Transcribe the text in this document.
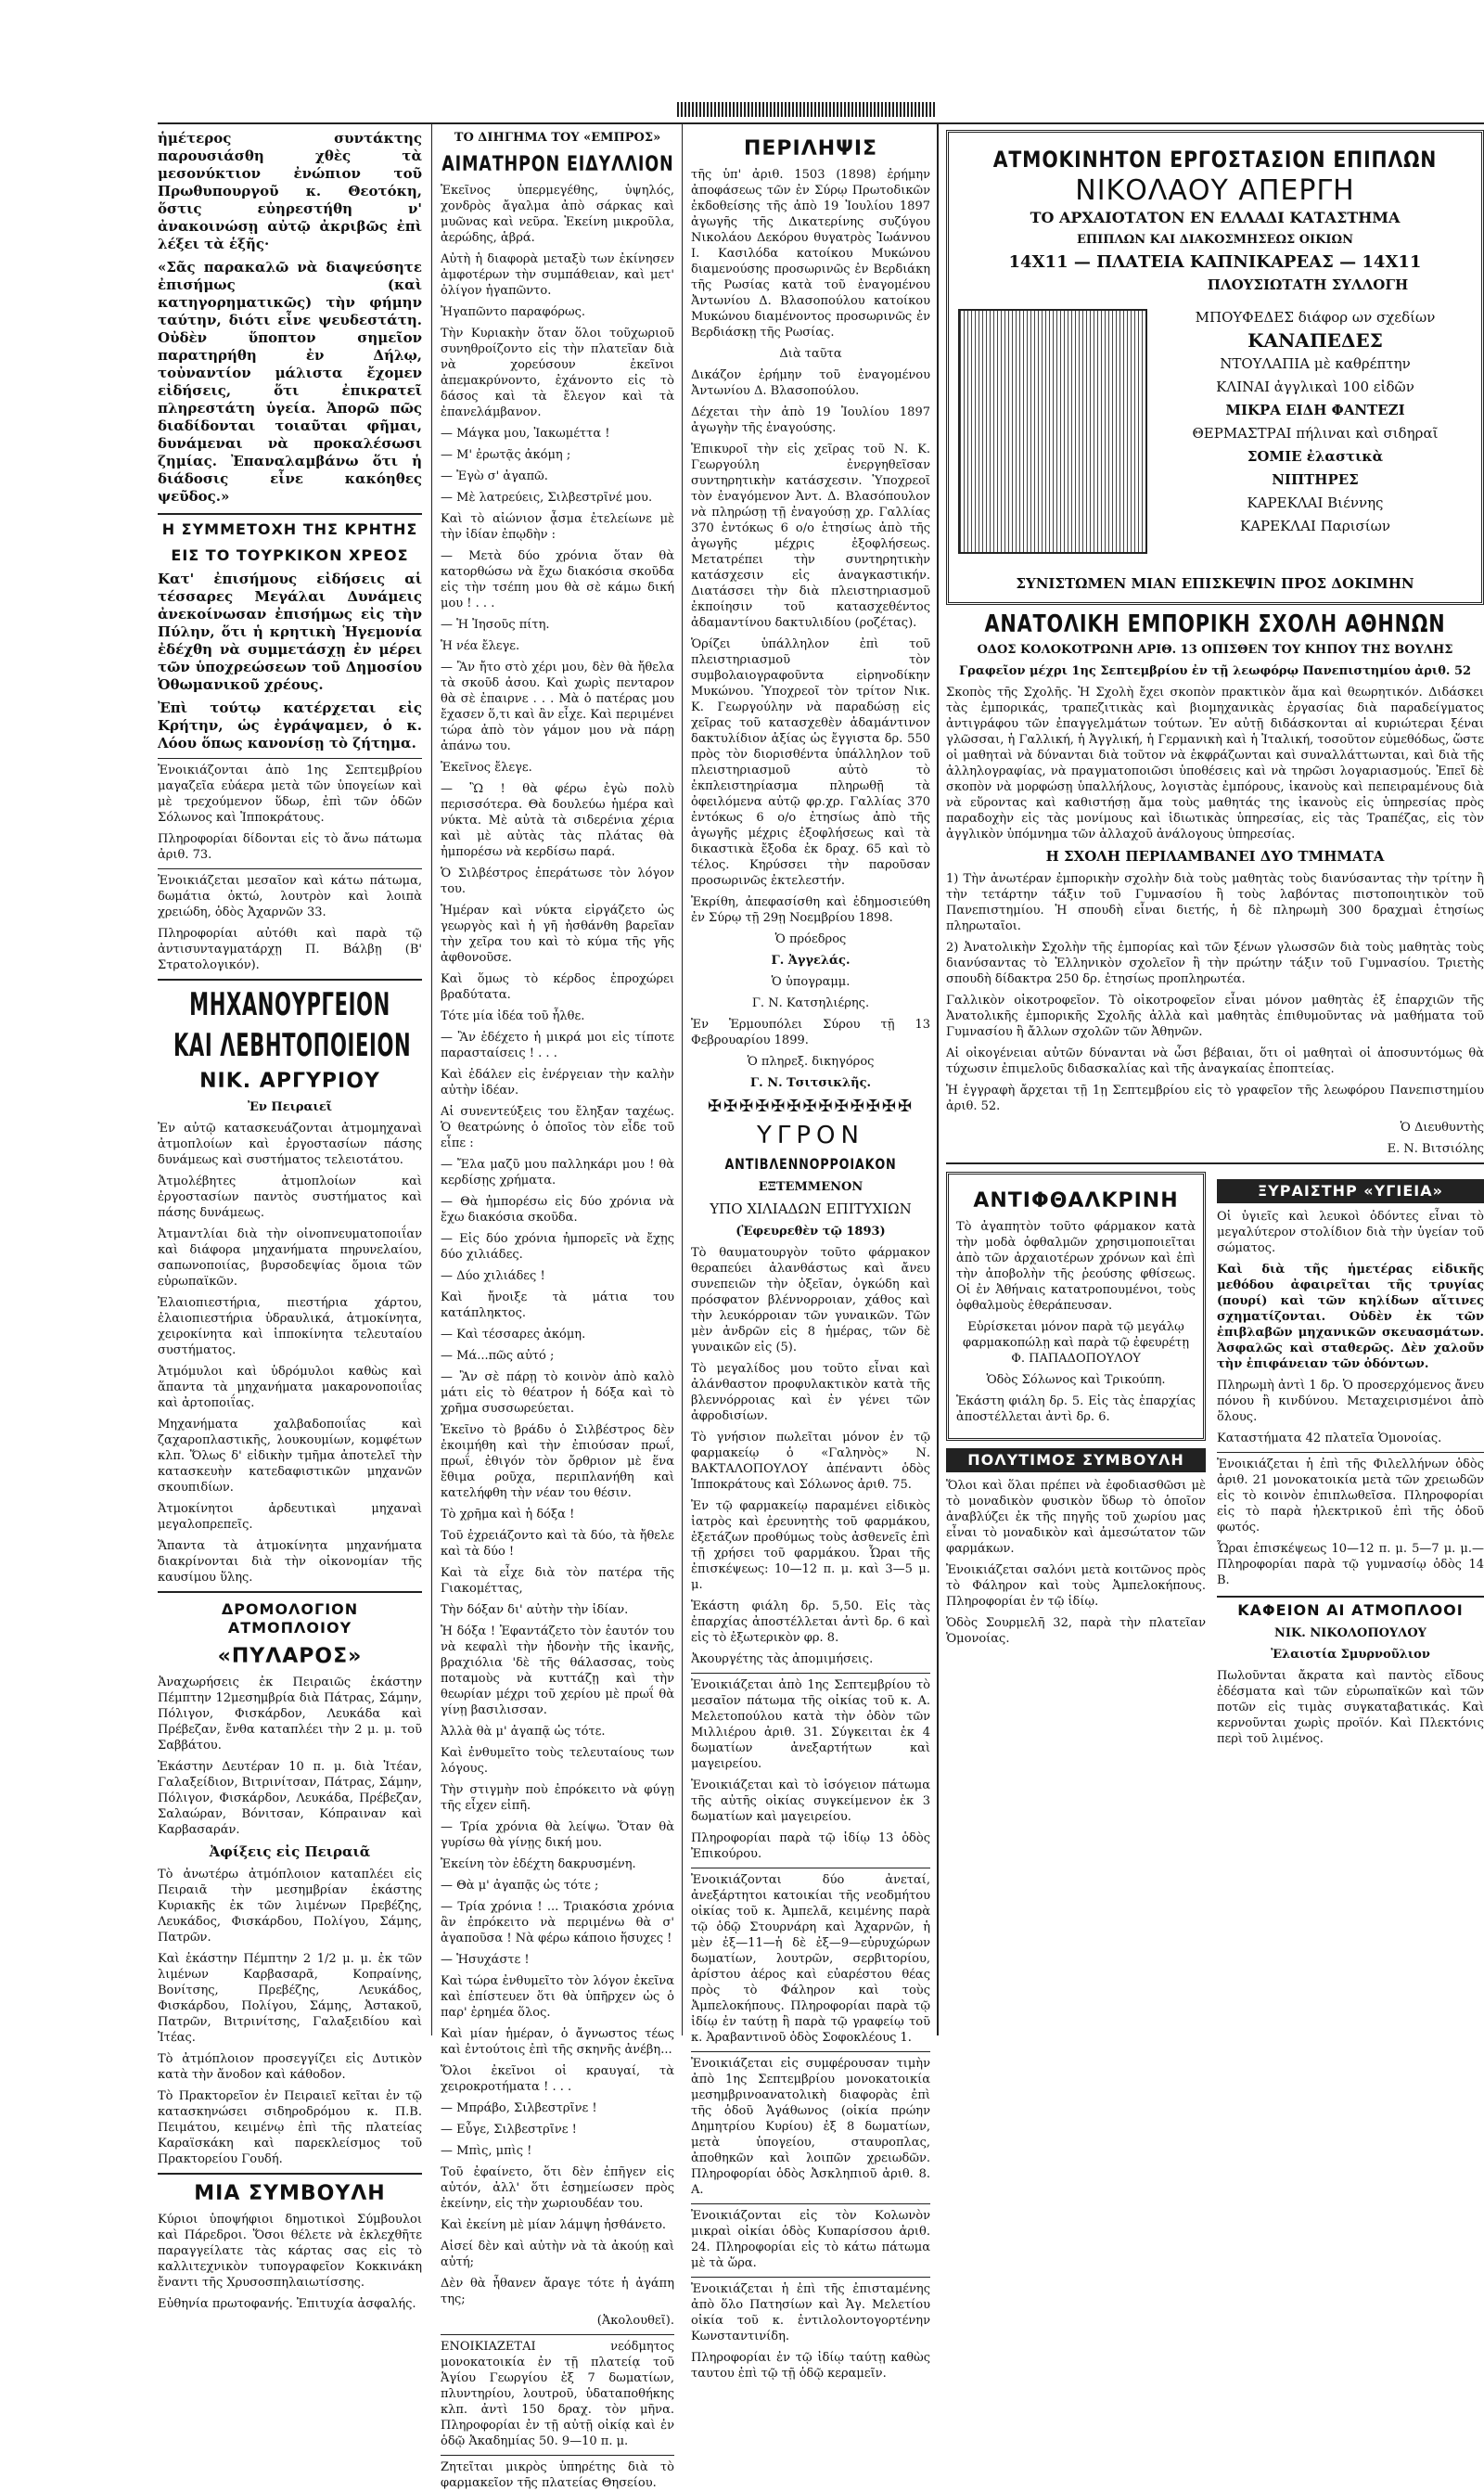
ἡμέτερος συντάκτης παρουσιάσθη χθὲς τὰ μεσονύκτιον ἐνώπιον τοῦ Πρωθυπουργοῦ κ. Θεοτόκη, ὅστις εὐηρεστήθη ν' ἀνακοινώσῃ αὐτῷ ἀκριβῶς ἐπὶ λέξει τὰ ἑξῆς·

«Σᾶς παρακαλῶ νὰ διαψεύσητε ἐπισήμως (καὶ κατηγορηματικῶς) τὴν φήμην ταύτην, διότι εἶνε ψευδεστάτη. Οὐδὲν ὕποπτον σημεῖον παρατηρήθη ἐν Δήλῳ, τοὐναντίον μάλιστα ἔχομεν εἰδήσεις, ὅτι ἐπικρατεῖ πληρεστάτη ὑγεία. Ἀπορῶ πῶς διαδίδονται τοιαῦται φῆμαι, δυνάμεναι νὰ προκαλέσωσι ζημίας. Ἐπαναλαμβάνω ὅτι ἡ διάδοσις εἶνε κακόηθες ψεῦδος.»

Η ΣΥΜΜΕΤΟΧΗ ΤΗΣ ΚΡΗΤΗΣ
ΕΙΣ ΤΟ ΤΟΥΡΚΙΚΟΝ ΧΡΕΟΣ

Κατ' ἐπισήμους εἰδήσεις αἱ τέσσαρες Μεγάλαι Δυνάμεις ἀνεκοίνωσαν ἐπισήμως εἰς τὴν Πύλην, ὅτι ἡ κρητικὴ Ἡγεμονία ἐδέχθη νὰ συμμετάσχῃ ἐν μέρει τῶν ὑποχρεώσεων τοῦ Δημοσίου Ὀθωμανικοῦ χρέους.

Ἐπὶ τούτῳ κατέρχεται εἰς Κρήτην, ὡς ἐγράψαμεν, ὁ κ. Λόου ὅπως κανονίσῃ τὸ ζήτημα.

Ἐνοικιάζονται ἀπὸ 1ης Σεπτεμβρίου μαγαζεῖα εὐάερα μετὰ τῶν ὑπογείων καὶ μὲ τρεχούμενον ὕδωρ, ἐπὶ τῶν ὁδῶν Σόλωνος καὶ Ἱπποκράτους.

Πληροφορίαι δίδονται εἰς τὸ ἄνω πάτωμα ἀριθ. 73.

Ἐνοικιάζεται μεσαῖον καὶ κάτω πάτωμα, δωμάτια ὀκτώ, λουτρὸν καὶ λοιπὰ χρειώδη, ὁδὸς Ἀχαρνῶν 33.

Πληροφορίαι αὐτόθι καὶ παρὰ τῷ ἀντισυνταγματάρχῃ Π. Βάλβῃ (Β' Στρατολογικόν).

ΜΗΧΑΝΟΥΡΓΕΙΟΝ
ΚΑΙ ΛΕΒΗΤΟΠΟΙΕΙΟΝ
ΝΙΚ. ΑΡΓΥΡΙΟΥ

Ἐν Πειραιεῖ

Ἐν αὐτῷ κατασκευάζονται ἀτμομηχαναὶ ἀτμοπλοίων καὶ ἐργοστασίων πάσης δυνάμεως καὶ συστήματος τελειοτάτου.

Ἀτμολέβητες ἀτμοπλοίων καὶ ἐργοστασίων παντὸς συστήματος καὶ πάσης δυνάμεως.

Ἀτμαντλίαι διὰ τὴν οἰνοπνευματοποιΐαν καὶ διάφορα μηχανήματα πηρυνελαίου, σαπωνοποιίας, βυρσοδεψίας ὅμοια τῶν εὐρωπαϊκῶν.

Ἐλαιοπιεστήρια, πιεστήρια χάρτου, ἐλαιοπιεστήρια ὑδραυλικά, ἀτμοκίνητα, χειροκίνητα καὶ ἱπποκίνητα τελευταίου συστήματος.

Ἀτμόμυλοι καὶ ὑδρόμυλοι καθὼς καὶ ἅπαντα τὰ μηχανήματα μακαρονοποιΐας καὶ ἀρτοποιΐας.

Μηχανήματα χαλβαδοποιΐας καὶ ζαχαροπλαστικῆς, λουκουμίων, κομφέτων κλπ. Ὅλως δ' εἰδικὴν τμῆμα ἀποτελεῖ τὴν κατασκευὴν κατεδαφιστικῶν μηχανῶν σκουπιδίων.

Ἀτμοκίνητοι ἀρδευτικαὶ μηχαναὶ μεγαλοπρεπεῖς.

Ἅπαντα τὰ ἀτμοκίνητα μηχανήματα διακρίνονται διὰ τὴν οἰκονομίαν τῆς καυσίμου ὕλης.

ΔΡΟΜΟΛΟΓΙΟΝ ΑΤΜΟΠΛΟΙΟΥ
«ΠΥΛΑΡΟΣ»

Ἀναχωρήσεις ἐκ Πειραιῶς ἑκάστην Πέμπτην 12μεσημβρία διὰ Πάτρας, Σάμην, Πόλιγον, Φισκάρδον, Λευκάδα καὶ Πρέβεζαν, ἔνθα καταπλέει τὴν 2 μ. μ. τοῦ Σαββάτου.

Ἑκάστην Δευτέραν 10 π. μ. διὰ Ἰτέαν, Γαλαξείδιον, Βιτρινίτσαν, Πάτρας, Σάμην, Πόλιγον, Φισκάρδον, Λευκάδα, Πρέβεζαν, Σαλαώραν, Βόνιτσαν, Κόπραιναν καὶ Καρβασαράν.

Ἀφίξεις εἰς Πειραιᾶ

Τὸ ἀνωτέρω ἀτμόπλοιον καταπλέει εἰς Πειραιᾶ τὴν μεσημβρίαν ἑκάστης Κυριακῆς ἐκ τῶν λιμένων Πρεβέζης, Λευκάδος, Φισκάρδου, Πολίγου, Σάμης, Πατρῶν.

Καὶ ἑκάστην Πέμπτην 2 1/2 μ. μ. ἐκ τῶν λιμένων Καρβασαρᾶ, Κοπραίνης, Βονίτσης, Πρεβέζης, Λευκάδος, Φισκάρδου, Πολίγου, Σάμης, Ἀστακοῦ, Πατρῶν, Βιτρινίτσης, Γαλαξειδίου καὶ Ἰτέας.

Τὸ ἀτμόπλοιον προσεγγίζει εἰς Δυτικὸν κατὰ τὴν ἄνοδον καὶ κάθοδον.

Τὸ Πρακτορεῖον ἐν Πειραιεῖ κεῖται ἐν τῷ κατασκηνώσει σιδηροδρόμου κ. Π.Β. Πειμάτου, κειμένῳ ἐπὶ τῆς πλατείας Καραϊσκάκη καὶ παρεκλείσμος τοῦ Πρακτορείου Γουδή.

ΜΙΑ ΣΥΜΒΟΥΛΗ

Κύριοι ὑποψήφιοι δημοτικοὶ Σύμβουλοι καὶ Πάρεδροι. Ὅσοι θέλετε νὰ ἐκλεχθῆτε παραγγείλατε τὰς κάρτας σας εἰς τὸ καλλιτεχνικὸν τυπογραφεῖον Κοκκινάκη ἔναντι τῆς Χρυσοσπηλαιωτίσσης.

Εὐθηνία πρωτοφανής. Ἐπιτυχία ἀσφαλής.

ΤΟ ΔΙΗΓΗΜΑ ΤΟΥ «ΕΜΠΡΟΣ»

ΑΙΜΑΤΗΡΟΝ ΕΙΔΥΛΛΙΟΝ

Ἐκεῖνος ὑπερμεγέθης, ὑψηλός, χονδρὸς ἄγαλμα ἀπὸ σάρκας καὶ μυῶνας καὶ νεῦρα. Ἐκείνη μικροῦλα, ἀερώδης, ἁβρά.

Αὐτὴ ἡ διαφορὰ μεταξὺ των ἐκίνησεν ἀμφοτέρων τὴν συμπάθειαν, καὶ μετ' ὀλίγον ἠγαπῶντο.

Ἠγαπῶντο παραφόρως.

Τὴν Κυριακὴν ὅταν ὅλοι τοῦχωριοῦ συνηθροίζοντο εἰς τὴν πλατεῖαν διὰ νὰ χορεύσουν ἐκεῖνοι ἀπεμακρύνοντο, ἐχάνοντο εἰς τὸ δάσος καὶ τὰ ἔλεγον καὶ τὰ ἐπανελάμβανον.

— Μάγκα μου, Ἰακωμέττα !

— Μ' ἐρωτᾷς ἀκόμη ;

— Ἐγὼ σ' ἀγαπῶ.

— Μὲ λατρεύεις, Σιλβεστρῖνέ μου.

Καὶ τὸ αἰώνιον ᾆσμα ἐτελείωνε μὲ τὴν ἰδίαν ἐπῳδὴν :

— Μετὰ δύο χρόνια ὅταν θὰ κατορθώσω νὰ ἔχω διακόσια σκοῦδα εἰς τὴν τσέπη μου θὰ σὲ κάμω δική μου ! . . .

— Ἡ Ἰησοῦς πίτη.

Ἡ νέα ἔλεγε.

— Ἂν ἤτο στὸ χέρι μου, δὲν θὰ ἤθελα τὰ σκοῦδ ἀσου. Καὶ χωρὶς πενταρον θὰ σὲ ἐπαιρνε . . . Μὰ ὁ πατέρας μου ἔχασεν ὅ,τι καὶ ἂν εἶχε. Καὶ περιμένει τώρα ἀπὸ τὸν γάμον μου νὰ πάρῃ ἀπάνω του.

Ἐκεῖνος ἔλεγε.

— Ὢ ! θὰ φέρω ἐγὼ πολὺ περισσότερα. Θὰ δουλεύω ἡμέρα καὶ νύκτα. Μὲ αὐτὰ τὰ σιδερένια χέρια καὶ μὲ αὐτὰς τὰς πλάτας θὰ ἠμπορέσω νὰ κερδίσω παρά.

Ὁ Σιλβέστρος ἐπεράτωσε τὸν λόγον του.

Ἡμέραν καὶ νύκτα εἰργάζετο ὡς γεωργὸς καὶ ἡ γῆ ἠσθάνθη βαρεῖαν τὴν χεῖρα του καὶ τὸ κύμα τῆς γῆς ἀφθονοῦσε.

Καὶ ὅμως τὸ κέρδος ἐπροχώρει βραδύτατα.

Τότε μία ἰδέα τοῦ ἦλθε.

— Ἂν ἐδέχετο ἡ μικρά μοι εἰς τίποτε παρασταίσεις ! . . .

Καὶ ἐδάλεν εἰς ἐνέργειαν τὴν καλὴν αὐτὴν ἰδέαν.

Αἱ συνεντεύξεις του ἔληξαν ταχέως. Ὁ θεατρώνης ὁ ὁποῖος τὸν εἶδε τοῦ εἶπε :

— Ἔλα μαζῦ μου παλληκάρι μου ! θὰ κερδίσῃς χρήματα.

— Θὰ ἠμπορέσω εἰς δύο χρόνια νὰ ἔχω διακόσια σκοῦδα.

— Εἰς δύο χρόνια ἠμπορεῖς νὰ ἔχῃς δύο χιλιάδες.

— Δύο χιλιάδες !

Καὶ ἤνοιξε τὰ μάτια του κατάπληκτος.

— Καὶ τέσσαρες ἀκόμη.

— Μά...πῶς αὐτό ;

— Ἂν σὲ πάρῃ τὸ κοινὸν ἀπὸ καλὸ μάτι εἰς τὸ θέατρον ἡ δόξα καὶ τὸ χρῆμα συσσωρεύεται.

Ἐκεῖνο τὸ βράδυ ὁ Σιλβέστρος δὲν ἐκοιμήθη καὶ τὴν ἐπιούσαν πρωΐ, πρωΐ, ἐθιγόν τὸν ὄρθριον μὲ ἕνα ἔθιμα ροῦχα, περιπλανήθη καὶ κατελήφθη τὴν νέαν του θέσιν.

Τὸ χρῆμα καὶ ἡ δόξα !

Τοῦ ἐχρειάζοντο καὶ τὰ δύο, τὰ ἤθελε καὶ τὰ δύο !

Καὶ τὰ εἶχε διὰ τὸν πατέρα τῆς Γιακομέττας,

Τὴν δόξαν δι' αὐτὴν τὴν ἰδίαν.

Ἡ δόξα ! Ἐφαντάζετο τὸν ἑαυτόν του νὰ κεφαλὶ τὴν ἡδονὴν τῆς ἱκανῆς, βραχιόλια 'δὲ τῆς θάλασσας, τοὺς ποταμοὺς νὰ κυττάζῃ καὶ τὴν θεωρίαν μέχρι τοῦ χερίου μὲ πρωΐ θὰ γίνῃ βασιλισσαν.

Ἀλλὰ θὰ μ' ἀγαπᾷ ὡς τότε.

Καὶ ἐνθυμεῖτο τοὺς τελευταίους των λόγους.

Τὴν στιγμὴν ποὺ ἐπρόκειτο νὰ φύγῃ τῆς εἶχεν εἰπῆ.

— Τρία χρόνια θὰ λείψω. Ὅταν θὰ γυρίσω θὰ γίνῃς δική μου.

Ἐκείνη τὸν ἐδέχτη δακρυσμένη.

— Θὰ μ' ἀγαπᾷς ὡς τότε ;

— Τρία χρόνια ! ... Τριακόσια χρόνια ἂν ἐπρόκειτο νὰ περιμένω θὰ σ' ἀγαποῦσα ! Νὰ φέρω κάποιο ἥσυχες !

— Ἡσυχάστε !

Καὶ τώρα ἐνθυμεῖτο τὸν λόγον ἐκεῖνα καὶ ἐπίστευεν ὅτι θὰ ὑπῆρχεν ὡς ὁ παρ' ἐρημέα ὅλος.

Καὶ μίαν ἡμέραν, ὁ ἄγνωστος τέως καὶ ἐντούτοις ἐπὶ τῆς σκηνῆς ἀνέβη...

Ὅλοι ἐκεῖνοι οἱ κραυγαί, τὰ χειροκροτήματα ! . . .

— Μπράβο, Σιλβεστρῖνε !

— Εὖγε, Σιλβεστρῖνε !

— Μπὶς, μπὶς !

Τοῦ ἐφαίνετο, ὅτι δὲν ἐπῆγεν εἰς αὐτόν, ἀλλ' ὅτι ἐσημείωσεν πρὸς ἐκείνην, εἰς τὴν χωριουδέαν του.

Καὶ ἐκείνη μὲ μίαν λάμψη ἠσθάνετο.

Αἰσεί δὲν καὶ αὐτὴν νὰ τὰ ἀκούῃ καὶ αὐτή;

Δὲν θὰ ἦθανεν ἄραγε τότε ἡ ἀγάπη της;

(Ἀκολουθεῖ).

ΕΝΟΙΚΙΑΖΕΤΑΙ νεόδμητος μονοκατοικία ἐν τῇ πλατείᾳ τοῦ Ἁγίου Γεωργίου ἐξ 7 δωματίων, πλυντηρίου, λουτροῦ, ὑδαταποθήκης κλπ. ἀντὶ 150 δραχ. τὸν μῆνα. Πληροφορίαι ἐν τῇ αὐτῇ οἰκίᾳ καὶ ἐν ὁδῷ Ἀκαδημίας 50. 9—10 π. μ.

Ζητεῖται μικρὸς ὑπηρέτης διὰ τὸ φαρμακεῖον τῆς πλατείας Θησείου.

ΠΕΡΙΛΗΨΙΣ

τῆς ὑπ' ἀριθ. 1503 (1898) ἐρήμην ἀποφάσεως τῶν ἐν Σύρῳ Πρωτοδικῶν ἐκδοθείσης τῆς ἀπὸ 19 Ἰουλίου 1897 ἀγωγῆς τῆς Δικατερίνης συζύγου Νικολάου Δεκόρου θυγατρὸς Ἰωάννου Ι. Κασιλόδα κατοίκου Μυκώνου διαμενούσης προσωρινῶς ἐν Βερδιάκη τῆς Ρωσίας κατὰ τοῦ ἐναγομένου Ἀντωνίου Δ. Βλασοπούλου κατοίκου Μυκώνου διαμένοντος προσωρινῶς ἐν Βερδιάσκῃ τῆς Ρωσίας.

Διὰ ταῦτα

Δικάζον ἐρήμην τοῦ ἐναγομένου Ἀντωνίου Δ. Βλασοπούλου.

Δέχεται τὴν ἀπὸ 19 Ἰουλίου 1897 ἀγωγὴν τῆς ἐναγούσης.

Ἐπικυροῖ τὴν εἰς χεῖρας τοῦ Ν. Κ. Γεωργούλη ἐνεργηθεῖσαν συντηρητικὴν κατάσχεσιν. Ὑποχρεοῖ τὸν ἐναγόμενον Ἀντ. Δ. Βλασόπουλον νὰ πληρώσῃ τῇ ἐναγούσῃ χρ. Γαλλίας 370 ἐντόκως 6 ο/ο ἐτησίως ἀπὸ τῆς ἀγωγῆς μέχρις ἐξοφλήσεως. Μετατρέπει τὴν συντηρητικὴν κατάσχεσιν εἰς ἀναγκαστικήν. Διατάσσει τὴν διὰ πλειστηριασμοῦ ἐκποίησιν τοῦ κατασχεθέντος ἀδαμαντίνου δακτυλιδίου (ροζέτας).

Ὁρίζει ὑπάλληλον ἐπὶ τοῦ πλειστηριασμοῦ τὸν συμβολαιογραφοῦντα εἰρηνοδίκην Μυκώνου. Ὑποχρεοῖ τὸν τρίτον Νικ. Κ. Γεωργούλην νὰ παραδώσῃ εἰς χεῖρας τοῦ κατασχεθὲν ἀδαμάντινον δακτυλίδιον ἀξίας ὡς ἔγγιστα δρ. 550 πρὸς τὸν διορισθέντα ὑπάλληλον τοῦ πλειστηριασμοῦ αὐτὸ τὸ ἐκπλειστηρίασμα πληρωθῇ τὰ ὀφειλόμενα αὐτῷ φρ.χρ. Γαλλίας 370 ἐντόκως 6 ο/ο ἐτησίως ἀπὸ τῆς ἀγωγῆς μέχρις ἐξοφλήσεως καὶ τὰ δικαστικὰ ἔξοδα ἐκ δραχ. 65 καὶ τὸ τέλος. Κηρύσσει τὴν παροῦσαν προσωρινῶς ἐκτελεστήν.

Ἐκρίθη, ἀπεφασίσθη καὶ ἐδημοσιεύθη ἐν Σύρῳ τῇ 29ῃ Νοεμβρίου 1898.

Ὁ πρόεδρος

Γ. Ἀγγελάς.

Ὁ ὑπογραμμ.

Γ. Ν. Κατσηλιέρης.

Ἐν Ἑρμουπόλει Σύρου τῇ 13 Φεβρουαρίου 1899.

Ὁ πληρεξ. δικηγόρος

Γ. Ν. Τσιτσικλῆς.

✠✠✠✠✠✠✠✠✠✠✠✠✠
ΥΓΡΟΝ
ΑΝΤΙΒΛΕΝΝΟΡΡΟΙΑΚΟΝ

ΕΞΤΕΜΜΕΝΟΝ

ΥΠΟ ΧΙΛΙΑΔΩΝ ΕΠΙΤΥΧΙΩΝ

(Ἐφευρεθὲν τῷ 1893)

Τὸ θαυματουργὸν τοῦτο φάρμακον θεραπεύει ἀλανθάστως καὶ ἄνευ συνεπειῶν τὴν ὀξεῖαν, ὀγκώδη καὶ πρόσφατον βλέννορροιαν, χάθος καὶ τὴν λευκόρροιαν τῶν γυναικῶν. Τῶν μὲν ἀνδρῶν εἰς 8 ἡμέρας, τῶν δὲ γυναικῶν εἰς (5).

Τὸ μεγαλίδος μου τοῦτο εἶναι καὶ ἀλάνθαστον προφυλακτικὸν κατὰ τῆς βλεννόρροιας καὶ ἐν γένει τῶν ἀφροδισίων.

Τὸ γνήσιον πωλεῖται μόνον ἐν τῷ φαρμακείῳ ὁ «Γαληνὸς» Ν. ΒΑΚΤΑΛΟΠΟΥΛΟΥ ἀπέναντι ὁδὸς Ἱπποκράτους καὶ Σόλωνος ἀριθ. 75.

Ἐν τῷ φαρμακείῳ παραμένει εἰδικὸς ἰατρὸς καὶ ἐρευνητὴς τοῦ φαρμάκου, ἐξετάζων προθύμως τοὺς ἀσθενεῖς ἐπὶ τῇ χρήσει τοῦ φαρμάκου. Ὧραι τῆς ἐπισκέψεως: 10—12 π. μ. καὶ 3—5 μ. μ.

Ἑκάστη φιάλη δρ. 5,50. Εἰς τὰς ἐπαρχίας ἀποστέλλεται ἀντὶ δρ. 6 καὶ εἰς τὸ ἐξωτερικὸν φρ. 8.

Ἀκουργέτης τὰς ἀπομιμήσεις.

Ἐνοικιάζεται ἀπὸ 1ης Σεπτεμβρίου τὸ μεσαῖον πάτωμα τῆς οἰκίας τοῦ κ. Α. Μελετοπούλου κατὰ τὴν ὁδὸν τῶν Μιλλιέρου ἀριθ. 31. Σύγκειται ἐκ 4 δωματίων ἀνεξαρτήτων καὶ μαγειρείου.

Ἐνοικιάζεται καὶ τὸ ἰσόγειον πάτωμα τῆς αὐτῆς οἰκίας συγκείμενον ἐκ 3 δωματίων καὶ μαγειρείου.

Πληροφορίαι παρὰ τῷ ἰδίῳ 13 ὁδὸς Ἐπικούρου.

Ἐνοικιάζονται δύο ἀνεταί, ἀνεξάρτητοι κατοικίαι τῆς νεοδμήτου οἰκίας τοῦ κ. Ἀμπελᾶ, κειμένης παρὰ τῷ ὁδῷ Στουρνάρη καὶ Ἀχαρνῶν, ἡ μὲν ἐξ—11—ἡ δὲ ἐξ—9—εὐρυχώρων δωματίων, λουτρῶν, σερβιτορίου, ἀρίστου ἀέρος καὶ εὐαρέστου θέας πρὸς τὸ Φάληρον καὶ τοὺς Ἀμπελοκήπους. Πληροφορίαι παρὰ τῷ ἰδίῳ ἐν ταύτῃ ἢ παρὰ τῷ γραφείῳ τοῦ κ. Ἀραβαντινοῦ ὁδὸς Σοφοκλέους 1.

Ἐνοικιάζεται εἰς συμφέρουσαν τιμὴν ἀπὸ 1ης Σεπτεμβρίου μονοκατοικία μεσημβρινοανατολικὴ διαφορὰς ἐπὶ τῆς ὁδοῦ Ἀγάθωνος (οἰκία πρώην Δημητρίου Κυρίου) ἐξ 8 δωματίων, μετὰ ὑπογείου, σταυροπλας, ἀποθηκῶν καὶ λοιπῶν χρειωδῶν. Πληροφορίαι ὁδὸς Ἀσκληπιοῦ ἀριθ. 8. Α.

Ἐνοικιάζονται εἰς τὸν Κολωνὸν μικραὶ οἰκίαι ὁδὸς Κυπαρίσσου ἀριθ. 24. Πληροφορίαι εἰς τὸ κάτω πάτωμα μὲ τὰ ὥρα.

Ἐνοικιάζεται ἡ ἐπὶ τῆς ἐπισταμένης ἀπὸ ὅλο Πατησίων καὶ Ἁγ. Μελετίου οἰκία τοῦ κ. ἐντιλολοντογορτένην Κωνσταντινίδη.

Πληροφορίαι ἐν τῷ ἰδίῳ ταύτῃ καθὼς ταυτου ἐπὶ τῷ τῇ ὁδῷ κεραμεῖν.

ΑΤΜΟΚΙΝΗΤΟΝ ΕΡΓΟΣΤΑΣΙΟΝ ΕΠΙΠΛΩΝ
ΝΙΚΟΛΑΟΥ ΑΠΕΡΓΗ

ΤΟ ΑΡΧΑΙΟΤΑΤΟΝ ΕΝ ΕΛΛΑΔΙ ΚΑΤΑΣΤΗΜΑ

ΕΠΙΠΛΩΝ ΚΑΙ ΔΙΑΚΟΣΜΗΣΕΩΣ ΟΙΚΙΩΝ

14Χ11 — ΠΛΑΤΕΙΑ ΚΑΠΝΙΚΑΡΕΑΣ — 14Χ11

ΠΛΟΥΣΙΩΤΑΤΗ ΣΥΛΛΟΓΗ

ΜΠΟΥΦΕΔΕΣ διάφορ ων σχεδίων

ΚΑΝΑΠΕΔΕΣ

ΝΤΟΥΛΑΠΙΑ μὲ καθρέπτην

ΚΛΙΝΑΙ ἀγγλικαὶ 100 εἰδῶν

ΜΙΚΡΑ ΕΙΔΗ ΦΑΝΤΕΖΙ

ΘΕΡΜΑΣΤΡΑΙ πήλιναι καὶ σιδηραῖ

ΣΟΜΙΕ ἐλαστικὰ

ΝΙΠΤΗΡΕΣ

ΚΑΡΕΚΛΑΙ Βιέννης

ΚΑΡΕΚΛΑΙ Παρισίων

ΣΥΝΙΣΤΩΜΕΝ ΜΙΑΝ ΕΠΙΣΚΕΨΙΝ ΠΡΟΣ ΔΟΚΙΜΗΝ

ΑΝΑΤΟΛΙΚΗ ΕΜΠΟΡΙΚΗ ΣΧΟΛΗ ΑΘΗΝΩΝ

ΟΔΟΣ ΚΟΛΟΚΟΤΡΩΝΗ ΑΡΙΘ. 13 ΟΠΙΣΘΕΝ ΤΟΥ ΚΗΠΟΥ ΤΗΣ ΒΟΥΛΗΣ

Γραφεῖον μέχρι 1ης Σεπτεμβρίου ἐν τῇ λεωφόρῳ Πανεπιστημίου ἀριθ. 52

Σκοπὸς τῆς Σχολῆς. Ἡ Σχολὴ ἔχει σκοπὸν πρακτικὸν ἅμα καὶ θεωρητικόν. Διδάσκει τὰς ἐμπορικάς, τραπεζιτικὰς καὶ βιομηχανικὰς ἐργασίας διὰ παραδείγματος ἀντιγράφου τῶν ἐπαγγελμάτων τούτων. Ἐν αὐτῇ διδάσκονται αἱ κυριώτεραι ξέναι γλῶσσαι, ἡ Γαλλική, ἡ Ἀγγλική, ἡ Γερμανικὴ καὶ ἡ Ἰταλική, τοσοῦτον εὐμεθόδως, ὥστε οἱ μαθηταὶ νὰ δύνανται διὰ τοῦτον νὰ ἐκφράζωνται καὶ συναλλάττωνται, καὶ διὰ τῆς ἀλληλογραφίας, νὰ πραγματοποιῶσι ὑποθέσεις καὶ νὰ τηρῶσι λογαριασμούς. Ἐπεῖ δὲ σκοπὸν νὰ μορφώσῃ ὑπαλλήλους, λογιστὰς ἐμπόρους, ἱκανοὺς καὶ πεπειραμένους διὰ νὰ εὕροντας καὶ καθιστήσῃ ἄμα τοὺς μαθητάς της ἱκανοὺς εἰς ὑπηρεσίας πρὸς παραδοχὴν εἰς τὰς μονίμους καὶ ἰδιωτικὰς ὑπηρεσίας, εἰς τὰς Τραπέζας, εἰς τὸν ἀγγλικὸν ὑπόμνημα τῶν ἀλλαχοῦ ἀνάλογους ὑπηρεσίας.

Η ΣΧΟΛΗ ΠΕΡΙΛΑΜΒΑΝΕΙ ΔΥΟ ΤΜΗΜΑΤΑ

1) Τὴν ἀνωτέραν ἐμπορικὴν σχολὴν διὰ τοὺς μαθητὰς τοὺς διανύσαντας τὴν τρίτην ἢ τὴν τετάρτην τάξιν τοῦ Γυμνασίου ἢ τοὺς λαβόντας πιστοποιητικὸν τοῦ Πανεπιστημίου. Ἡ σπουδὴ εἶναι διετής, ἡ δὲ πληρωμὴ 300 δραχμαὶ ἐτησίως πληρωταῖοι.

2) Ἀνατολικὴν Σχολὴν τῆς ἐμπορίας καὶ τῶν ξένων γλωσσῶν διὰ τοὺς μαθητὰς τοὺς διανύσαντας τὸ Ἑλληνικὸν σχολεῖον ἢ τὴν πρώτην τάξιν τοῦ Γυμνασίου. Τριετὴς σπουδὴ δίδακτρα 250 δρ. ἐτησίως προπληρωτέα.

Γαλλικὸν οἰκοτροφεῖον. Τὸ οἰκοτροφεῖον εἶναι μόνον μαθητὰς ἐξ ἐπαρχιῶν τῆς Ἀνατολικῆς ἐμπορικῆς Σχολῆς ἀλλὰ καὶ μαθητὰς ἐπιθυμοῦντας νὰ μαθήματα τοῦ Γυμνασίου ἢ ἄλλων σχολῶν τῶν Ἀθηνῶν.

Αἱ οἰκογένειαι αὐτῶν δύνανται νὰ ὦσι βέβαιαι, ὅτι οἱ μαθηταὶ οἱ ἀποσυντόμως θὰ τύχωσιν ἐπιμελοῦς διδασκαλίας καὶ τῆς ἀναγκαίας ἐποπτείας.

Ἡ ἐγγραφὴ ἄρχεται τῇ 1ῃ Σεπτεμβρίου εἰς τὸ γραφεῖον τῆς λεωφόρου Πανεπιστημίου ἀριθ. 52.

Ὁ Διευθυντὴς

Ε. Ν. Βιτσιόλης

ΑΝΤΙΦΘΑΛΚΡΙΝΗ

Τὸ ἀγαπητὸν τοῦτο φάρμακον κατὰ τὴν μοδὰ ὀφθαλμῶν χρησιμοποιεῖται ἀπὸ τῶν ἀρχαιοτέρων χρόνων καὶ ἐπὶ τὴν ἀποβολὴν τῆς ῥεούσης φθίσεως. Οἱ ἐν Ἀθήναις κατατροπουμένοι, τοὺς ὀφθαλμοὺς ἐθεράπευσαν.

Εὑρίσκεται μόνον παρὰ τῷ μεγάλῳ φαρμακοπώλῃ καὶ παρὰ τῷ ἐφευρέτῃ Φ. ΠΑΠΑΔΟΠΟΥΛΟΥ

Ὁδὸς Σόλωνος καὶ Τρικούπη.

Ἑκάστη φιάλη δρ. 5. Εἰς τὰς ἐπαρχίας ἀποστέλλεται ἀντὶ δρ. 6.

ΠΟΛΥΤΙΜΟΣ ΣΥΜΒΟΥΛΗ

Ὅλοι καὶ ὅλαι πρέπει νὰ ἐφοδιασθῶσι μὲ τὸ μοναδικὸν φυσικὸν ὕδωρ τὸ ὁποῖον ἀναβλύζει ἐκ τῆς πηγῆς τοῦ χωρίου μας εἶναι τὸ μοναδικὸν καὶ ἀμεσώτατον τῶν φαρμάκων.

Ἐνοικιάζεται σαλόνι μετὰ κοιτῶνος πρὸς τὸ Φάληρον καὶ τοὺς Ἀμπελοκήπους. Πληροφορίαι ἐν τῷ ἰδίῳ.

Ὁδὸς Σουρμελῆ 32, παρὰ τὴν πλατεῖαν Ὁμονοίας.

ΞΥΡΑΙΣΤΗΡ «ΥΓΙΕΙΑ»

Οἱ ὑγιεῖς καὶ λευκοὶ ὀδόντες εἶναι τὸ μεγαλύτερον στολίδιον διὰ τὴν ὑγείαν τοῦ σώματος.

Καὶ διὰ τῆς ἡμετέρας εἰδικῆς μεθόδου ἀφαιρεῖται τῆς τρυγίας (πουρί) καὶ τῶν κηλίδων αἵτινες σχηματίζονται. Οὐδὲν ἐκ τῶν ἐπιβλαβῶν μηχανικῶν σκευασμάτων. Ἀσφαλῶς καὶ σταθερῶς. Δὲν χαλοῦν τὴν ἐπιφάνειαν τῶν ὀδόντων.

Πληρωμὴ ἀντὶ 1 δρ. Ὁ προσερχόμενος ἄνευ πόνου ἢ κινδύνου. Μεταχειρισμένοι ἀπὸ ὅλους.

Καταστήματα 42 πλατεῖα Ὁμονοίας.

Ἐνοικιάζεται ἡ ἐπὶ τῆς Φιλελλήνων ὁδὸς ἀριθ. 21 μονοκατοικία μετὰ τῶν χρειωδῶν εἰς τὸ κοινὸν ἐπιπλωθεῖσα. Πληροφορίαι εἰς τὸ παρὰ ἠλεκτρικοῦ ἐπὶ τῆς ὁδοῦ φωτός.

Ὧραι ἐπισκέψεως 10—12 π. μ. 5—7 μ. μ.—Πληροφορίαι παρὰ τῷ γυμνασίῳ ὁδὸς 14 Β.

ΚΑΦΕΙΟΝ ΑΙ ΑΤΜΟΠΛΟΟΙ

ΝΙΚ. ΝΙΚΟΛΟΠΟΥΛΟΥ

Ἐλαιοτία Σμυρνοῦλιον

Πωλοῦνται ἄκρατα καὶ παντὸς εἴδους ἐδέσματα καὶ τῶν εὐρωπαϊκῶν καὶ τῶν ποτῶν εἰς τιμὰς συγκαταβατικάς. Καὶ κερνοῦνται χωρὶς προϊόν. Καὶ Πλεκτόνις περὶ τοῦ λιμένος.
